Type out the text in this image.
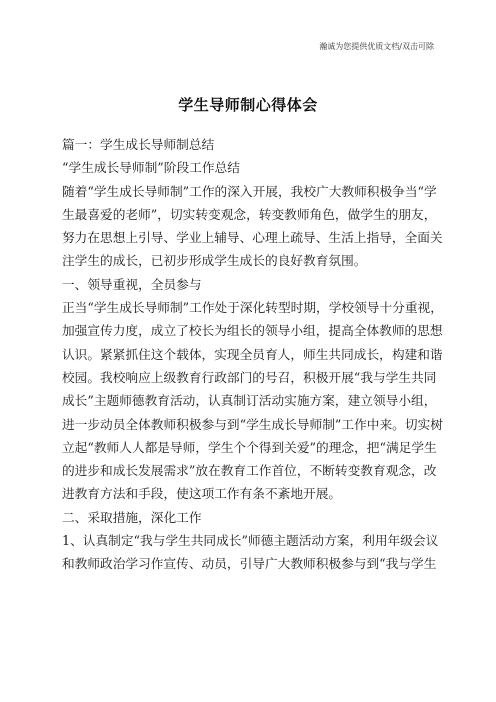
瀚诚为您提供优质文档/双击可除
学生导师制心得体会
篇一：学生成长导师制总结
“学生成长导师制”阶段工作总结
随着“学生成长导师制”工作的深入开展，我校广大教师积极争当“学
生最喜爱的老师”，切实转变观念，转变教师角色，做学生的朋友，
努力在思想上引导、学业上辅导、心理上疏导、生活上指导，全面关
注学生的成长，已初步形成学生成长的良好教育氛围。
一、领导重视，全员参与
正当“学生成长导师制”工作处于深化转型时期，学校领导十分重视，
加强宣传力度，成立了校长为组长的领导小组，提高全体教师的思想
认识。紧紧抓住这个载体，实现全员育人，师生共同成长，构建和谐
校园。我校响应上级教育行政部门的号召，积极开展“我与学生共同
成长”主题师德教育活动，认真制订活动实施方案，建立领导小组，
进一步动员全体教师积极参与到“学生成长导师制”工作中来。切实树
立起“教师人人都是导师，学生个个得到关爱”的理念，把“满足学生
的进步和成长发展需求”放在教育工作首位，不断转变教育观念，改
进教育方法和手段，使这项工作有条不紊地开展。
二、采取措施，深化工作
1、认真制定“我与学生共同成长”师德主题活动方案，利用年级会议
和教师政治学习作宣传、动员，引导广大教师积极参与到“我与学生
